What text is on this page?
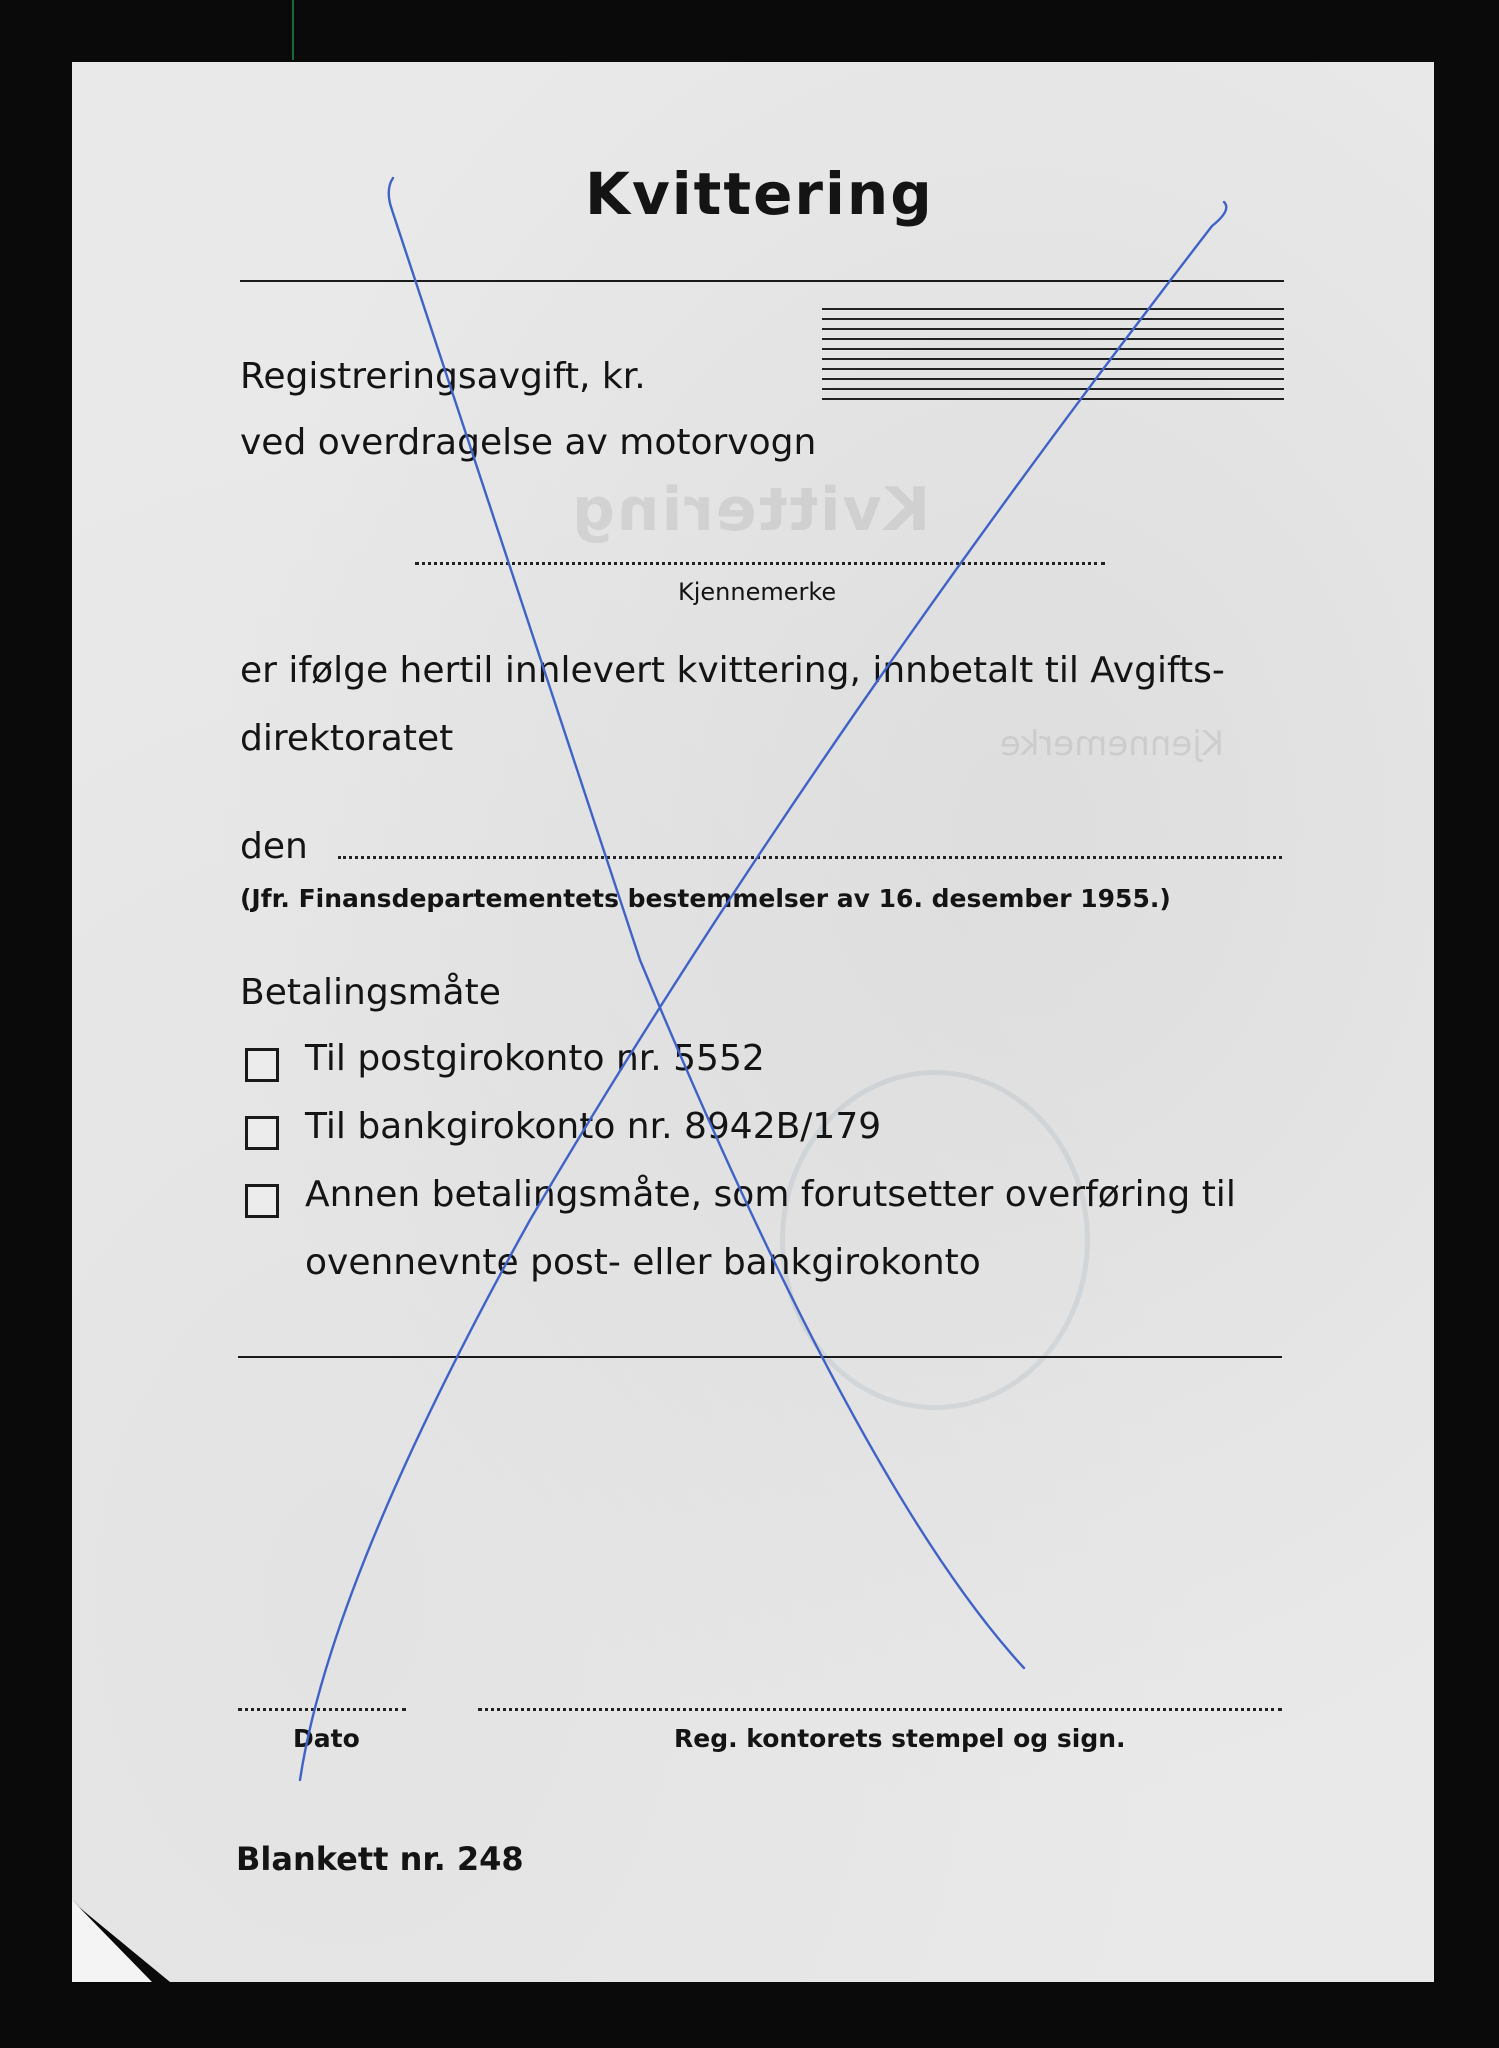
Kvittering
Kjennemerke
Kvittering
Registreringsavgift, kr.
ved overdragelse av motorvogn
Kjennemerke
er ifølge hertil innlevert kvittering, innbetalt til Avgifts-
direktoratet
den
(Jfr. Finansdepartementets bestemmelser av 16. desember 1955.)
Betalingsmåte
Til postgirokonto nr. 5552
Til bankgirokonto nr. 8942B/179
Annen betalingsmåte, som forutsetter overføring til
ovennevnte post- eller bankgirokonto
Dato	Reg. kontorets stempel og sign.
Blankett nr. 248
